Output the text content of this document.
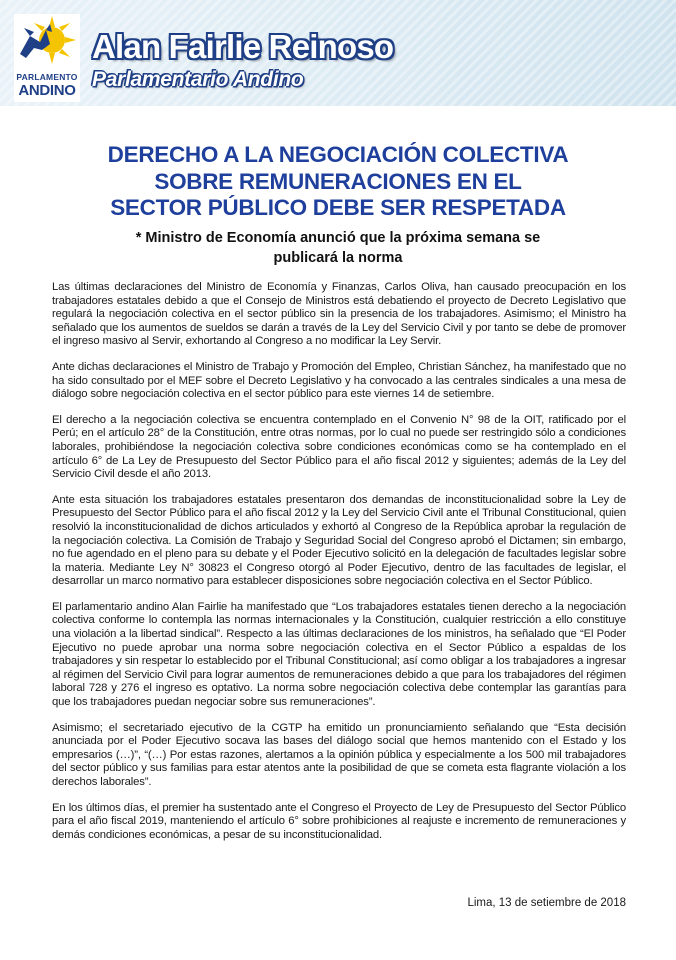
PARLAMENTO
ANDINO
Alan Fairlie Reinoso
Parlamentario Andino
DERECHO A LA NEGOCIACIÓN COLECTIVA
SOBRE REMUNERACIONES EN EL
SECTOR PÚBLICO DEBE SER RESPETADA
* Ministro de Economía anunció que la próxima semana se
publicará la norma

Las últimas declaraciones del Ministro de Economía y Finanzas, Carlos Oliva, han causado preocupación en los trabajadores estatales debido a que el Consejo de Ministros está debatiendo el proyecto de Decreto Legislativo que regulará la negociación colectiva en el sector público sin la presencia de los trabajadores. Asimismo; el Ministro ha señalado que los aumentos de sueldos se darán a través de la Ley del Servicio Civil y por tanto se debe de promover el ingreso masivo al Servir, exhortando al Congreso a no modificar la Ley Servir.

Ante dichas declaraciones el Ministro de Trabajo y Promoción del Empleo, Christian Sánchez, ha manifestado que no ha sido consultado por el MEF sobre el Decreto Legislativo y ha convocado a las centrales sindicales a una mesa de diálogo sobre negociación colectiva en el sector público para este viernes 14 de setiembre.

El derecho a la negociación colectiva se encuentra contemplado en el Convenio N° 98 de la OIT, ratificado por el Perú; en el artículo 28° de la Constitución, entre otras normas, por lo cual no puede ser restringido sólo a condiciones laborales, prohibiéndose la negociación colectiva sobre condiciones económicas como se ha contemplado en el artículo 6° de La Ley de Presupuesto del Sector Público para el año fiscal 2012 y siguientes; además de la Ley del Servicio Civil desde el año 2013.

Ante esta situación los trabajadores estatales presentaron dos demandas de inconstitucionalidad sobre la Ley de Presupuesto del Sector Público para el año fiscal 2012 y la Ley del Servicio Civil ante el Tribunal Constitucional, quien resolvió la inconstitucionalidad de dichos articulados y exhortó al Congreso de la República aprobar la regulación de la negociación colectiva. La Comisión de Trabajo y Seguridad Social del Congreso aprobó el Dictamen; sin embargo, no fue agendado en el pleno para su debate y el Poder Ejecutivo solicitó en la delegación de facultades legislar sobre la materia. Mediante Ley N° 30823 el Congreso otorgó al Poder Ejecutivo, dentro de las facultades de legislar, el desarrollar un marco normativo para establecer disposiciones sobre negociación colectiva en el Sector Público.

El parlamentario andino Alan Fairlie ha manifestado que “Los trabajadores estatales tienen derecho a la negociación colectiva conforme lo contempla las normas internacionales y la Constitución, cualquier restricción a ello constituye una violación a la libertad sindical”. Respecto a las últimas declaraciones de los ministros, ha señalado que “El Poder Ejecutivo no puede aprobar una norma sobre negociación colectiva en el Sector Público a espaldas de los trabajadores y sin respetar lo establecido por el Tribunal Constitucional; así como obligar a los trabajadores a ingresar al régimen del Servicio Civil para lograr aumentos de remuneraciones debido a que para los trabajadores del régimen laboral 728 y 276 el ingreso es optativo. La norma sobre negociación colectiva debe contemplar las garantías para que los trabajadores puedan negociar sobre sus remuneraciones”.

Asimismo; el secretariado ejecutivo de la CGTP ha emitido un pronunciamiento señalando que “Esta decisión anunciada por el Poder Ejecutivo socava las bases del diálogo social que hemos mantenido con el Estado y los empresarios (…)”, “(…) Por estas razones, alertamos a la opinión pública y especialmente a los 500 mil trabajadores del sector público y sus familias para estar atentos ante la posibilidad de que se cometa esta flagrante violación a los derechos laborales”.

En los últimos días, el premier ha sustentado ante el Congreso el Proyecto de Ley de Presupuesto del Sector Público para el año fiscal 2019, manteniendo el artículo 6° sobre prohibiciones al reajuste e incremento de remuneraciones y demás condiciones económicas, a pesar de su inconstitucionalidad.

Lima, 13 de setiembre de 2018
